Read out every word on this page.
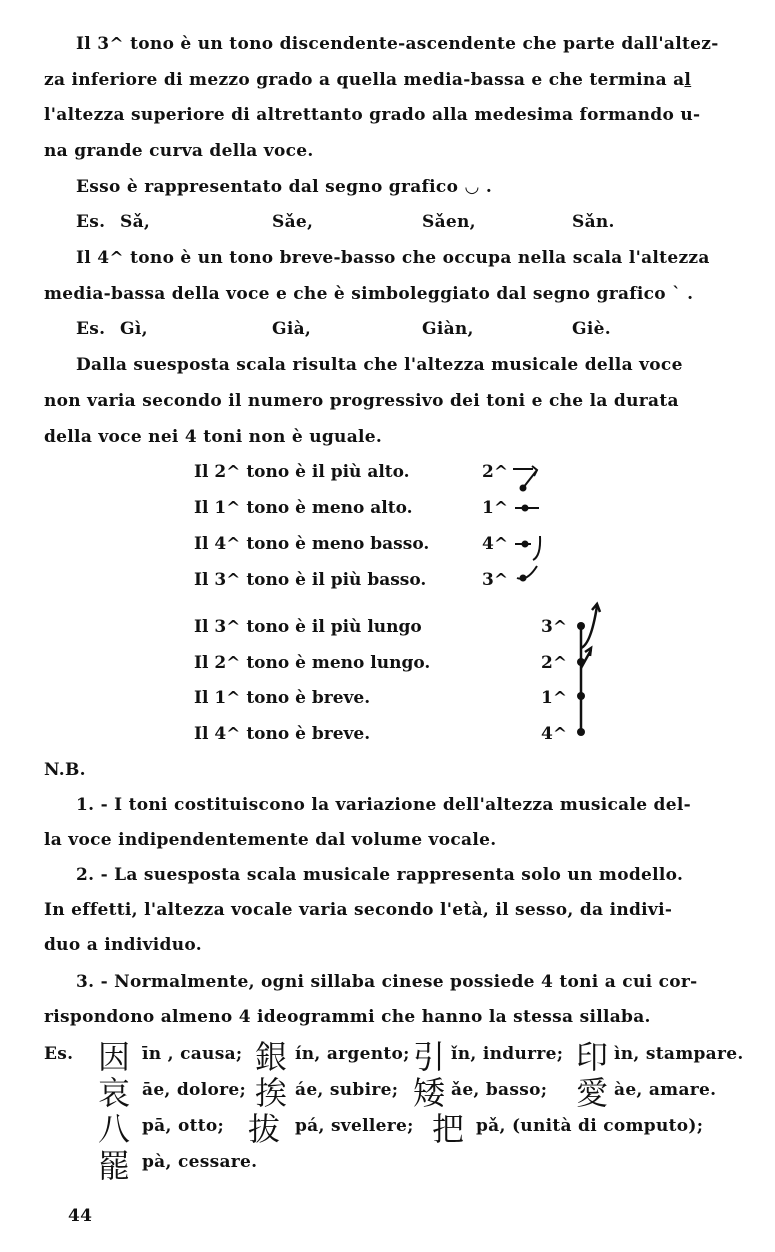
Il 3^ tono è un tono discendente-ascendente che parte dall'altez-
za inferiore di mezzo grado a quella media-bassa e che termina al
l'altezza superiore di altrettanto grado alla medesima formando u-
na grande curva della voce.
Esso è rappresentato dal segno grafico ◡ .
Es. Sǎ,	Sǎe,	Sǎen,	Sǎn.
Il 4^ tono è un tono breve-basso che occupa nella scala l'altezza
media-bassa della voce e che è simboleggiato dal segno grafico ` .
Es. Gì,	Già,	Giàn,	Giè.
Dalla suesposta scala risulta che l'altezza musicale della voce
non varia secondo il numero progressivo dei toni e che la durata
della voce nei 4 toni non è uguale.
Il 2^ tono è il più alto.	2^
Il 1^ tono è meno alto.	1^
Il 4^ tono è meno basso.	4^
Il 3^ tono è il più basso.	3^
Il 3^ tono è il più lungo	3^
Il 2^ tono è meno lungo.	2^
Il 1^ tono è breve.	1^
Il 4^ tono è breve.	4^
N.B.
1. - I toni costituiscono la variazione dell'altezza musicale del-
la voce indipendentemente dal volume vocale.
2. - La suesposta scala musicale rappresenta solo un modello.
In effetti, l'altezza vocale varia secondo l'età, il sesso, da indivi-
duo a individuo.
3. - Normalmente, ogni sillaba cinese possiede 4 toni a cui cor-
rispondono almeno 4 ideogrammi che hanno la stessa sillaba.
Es. 因 īn , causa; 銀 ín, argento; 引 ǐn, indurre; 印 ìn, stampare.
哀 āe, dolore; 挨 áe, subire; 矮 ǎe, basso; 愛 àe, amare.
八 pā, otto; 拔 pá, svellere; 把 pǎ, (unità di computo);
罷 pà, cessare.
44
